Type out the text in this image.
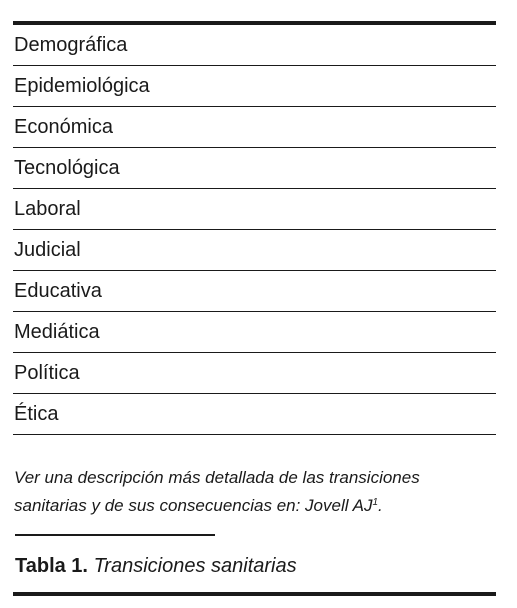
Demográfica
Epidemiológica
Económica
Tecnológica
Laboral
Judicial
Educativa
Mediática
Política
Ética
Ver una descripción más detallada de las transiciones sanitarias y de sus consecuencias en: Jovell $AJ^1$.
Tabla 1. Transiciones sanitarias
